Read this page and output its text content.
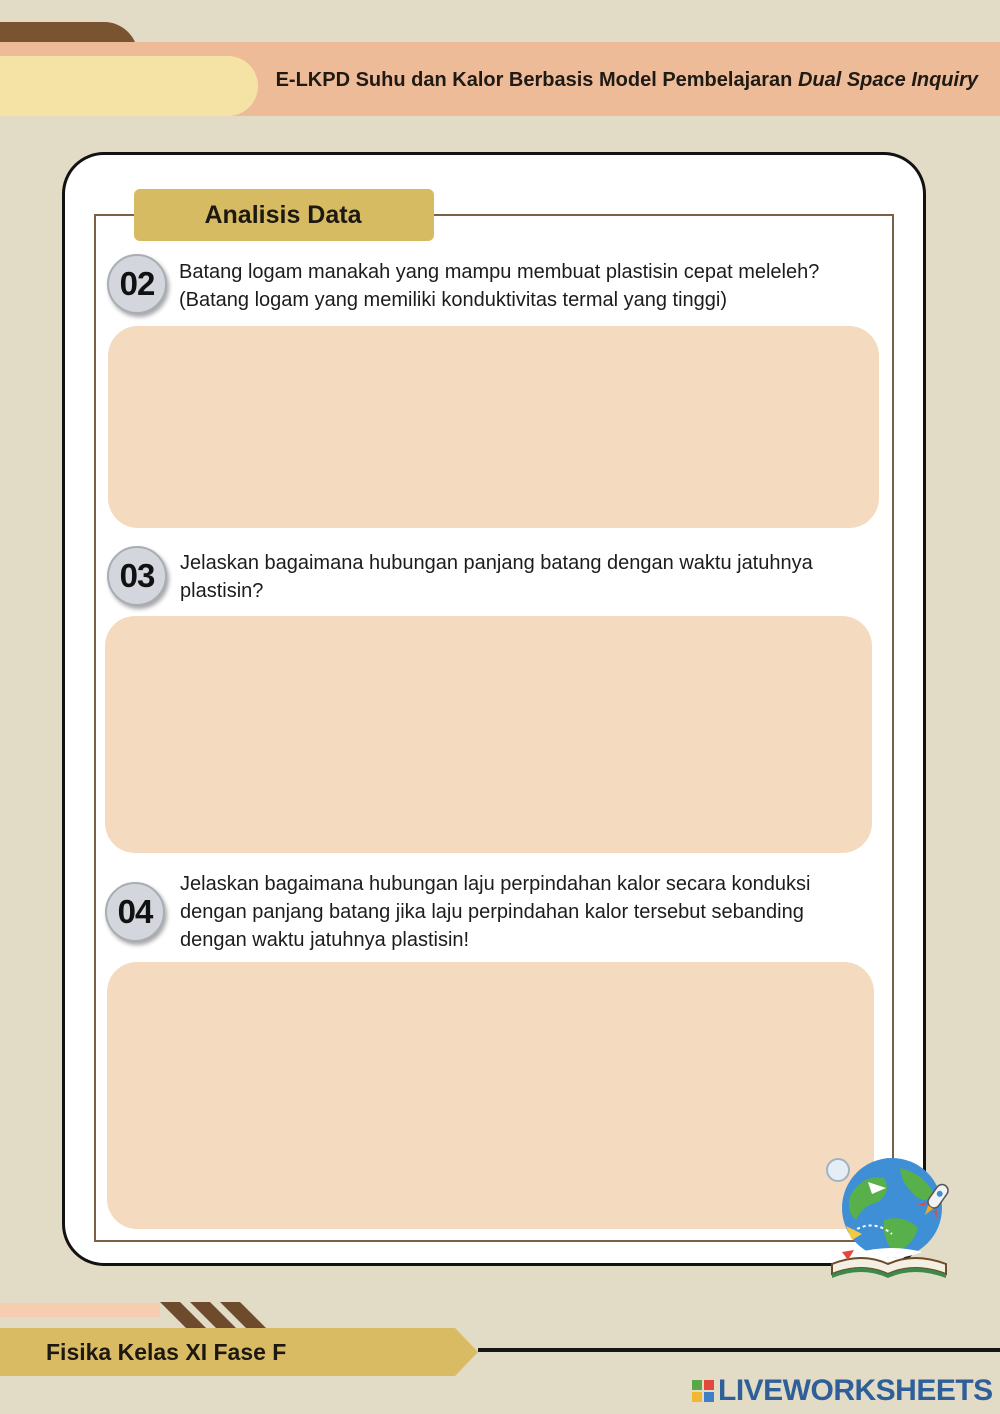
E-LKPD Suhu dan Kalor Berbasis Model Pembelajaran Dual Space Inquiry
Analisis Data
02	Batang logam manakah yang mampu membuat plastisin cepat meleleh? (Batang logam yang memiliki konduktivitas termal yang tinggi)
03	Jelaskan bagaimana hubungan panjang batang dengan waktu jatuhnya plastisin?
04
Jelaskan bagaimana hubungan laju perpindahan kalor secara konduksi dengan panjang batang jika laju perpindahan kalor tersebut sebanding dengan waktu jatuhnya plastisin!
Fisika Kelas XI Fase F
LIVEWORKSHEETS
